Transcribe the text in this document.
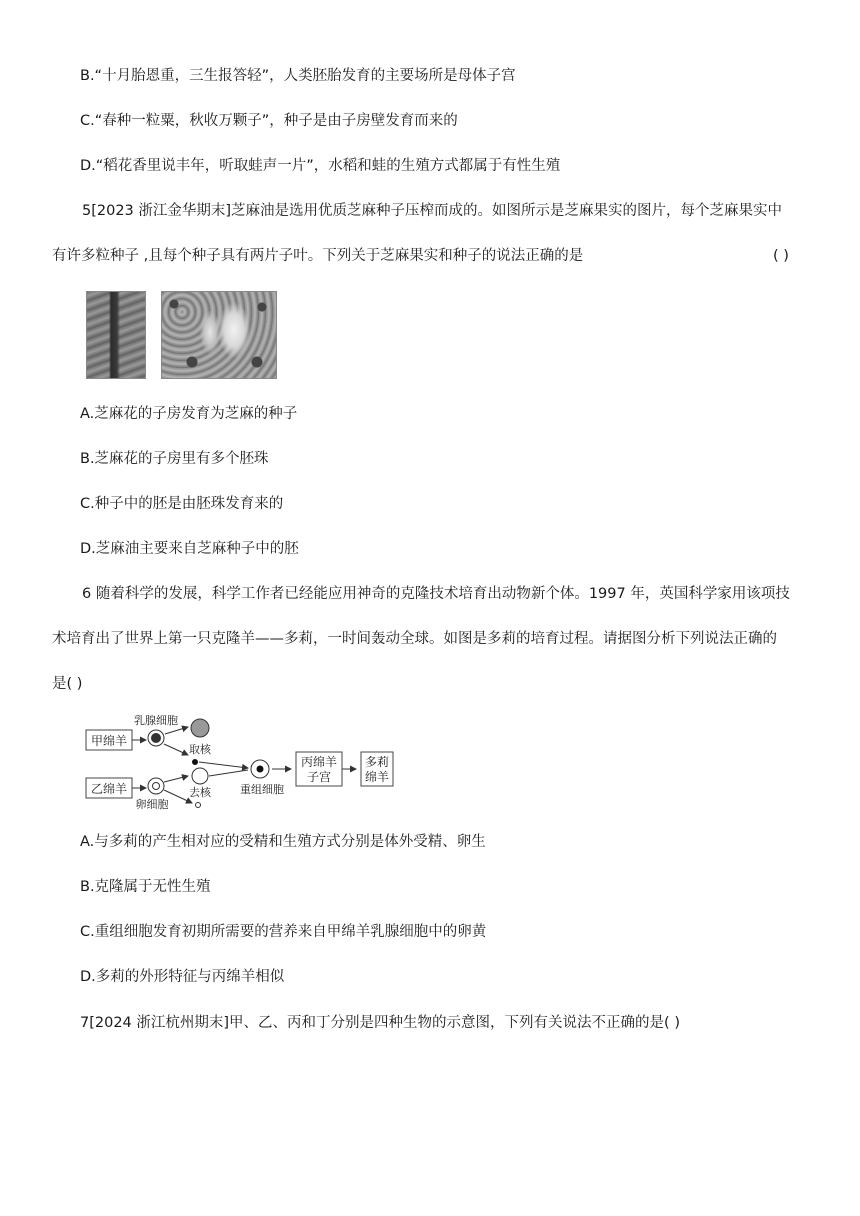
B.“十月胎恩重，三生报答轻”，人类胚胎发育的主要场所是母体子宫
C.“春种一粒粟，秋收万颗子”，种子是由子房壁发育而来的
D.“稻花香里说丰年，听取蛙声一片”，水稻和蛙的生殖方式都属于有性生殖
5[2023 浙江金华期末]芝麻油是选用优质芝麻种子压榨而成的。如图所示是芝麻果实的图片，每个芝麻果实中
有许多粒种子 ,且每个种子具有两片子叶。下列关于芝麻果实和种子的说法正确的是	( )
A.芝麻花的子房发育为芝麻的种子
B.芝麻花的子房里有多个胚珠
C.种子中的胚是由胚珠发育来的
D.芝麻油主要来自芝麻种子中的胚
6 随着科学的发展，科学工作者已经能应用神奇的克隆技术培育出动物新个体。1997 年，英国科学家用该项技
术培育出了世界上第一只克隆羊——多莉，一时间轰动全球。如图是多莉的培育过程。请据图分析下列说法正确的
是( )
甲绵羊
乳腺细胞
取核
乙绵羊
卵细胞
去核	重组细胞
丙绵羊
子宫
多莉
绵羊
A.与多莉的产生相对应的受精和生殖方式分别是体外受精、卵生
B.克隆属于无性生殖
C.重组细胞发育初期所需要的营养来自甲绵羊乳腺细胞中的卵黄
D.多莉的外形特征与丙绵羊相似
7[2024 浙江杭州期末]甲、乙、丙和丁分别是四种生物的示意图，下列有关说法不正确的是( )
